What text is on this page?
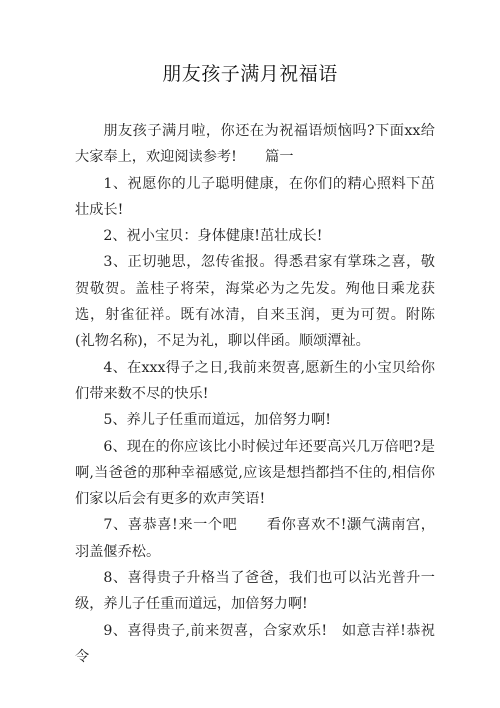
朋友孩子满月祝福语

朋友孩子满月啦，你还在为祝福语烦恼吗?下面xx给大家奉上，欢迎阅读参考!　　篇一

1、祝愿你的儿子聪明健康，在你们的精心照料下茁壮成长!

2、祝小宝贝：身体健康!茁壮成长!

3、正切驰思，忽传雀报。得悉君家有掌珠之喜，敬贺敬贺。盖桂子将荣，海棠必为之先发。殉他日乘龙获选，射雀征祥。既有冰清，自来玉润，更为可贺。附陈(礼物名称)，不足为礼，聊以伴函。顺颂潭祉。

4、在xxx得子之日,我前来贺喜,愿新生的小宝贝给你们带来数不尽的快乐!

5、养儿子任重而道远，加倍努力啊!

6、现在的你应该比小时候过年还要高兴几万倍吧?是啊,当爸爸的那种幸福感觉,应该是想挡都挡不住的,相信你们家以后会有更多的欢声笑语!

7、喜恭喜!来一个吧　　看你喜欢不!灏气满南宫，羽盖偃乔松。

8、喜得贵子升格当了爸爸，我们也可以沾光普升一级，养儿子任重而道远，加倍努力啊!

9、喜得贵子,前来贺喜，合家欢乐!　如意吉祥!恭祝令
